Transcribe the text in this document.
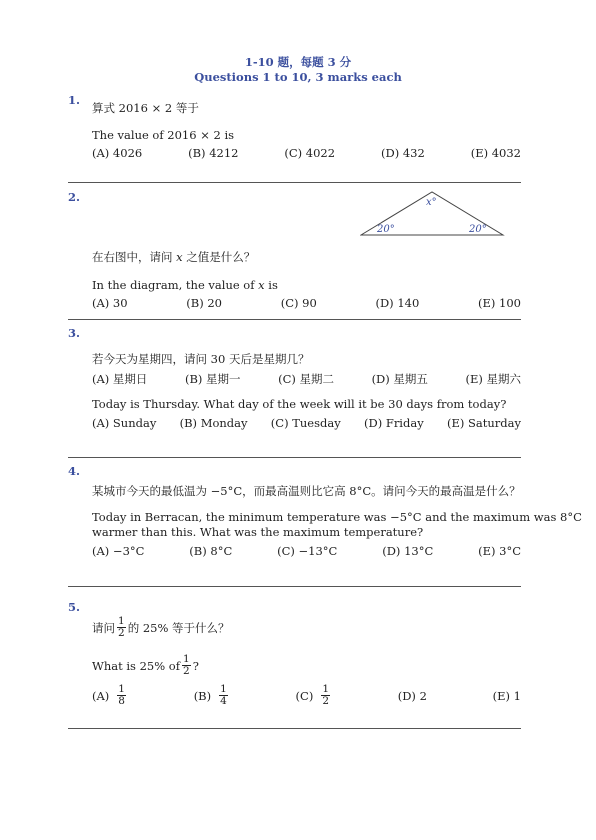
1-10 题，每题 3 分
Questions 1 to 10, 3 marks each
1.
算式 2016 × 2 等于
The value of 2016 × 2 is
(A) 4026	(B) 4212	(C) 4022	(D) 432	(E) 4032
2.	x°
20°	20°
在右图中，请问 x 之值是什么？
In the diagram, the value of x is
(A) 30	(B) 20	(C) 90	(D) 140	(E) 100
3.
若今天为星期四，请问 30 天后是星期几？
(A) 星期日	(B) 星期一	(C) 星期二	(D) 星期五	(E) 星期六
Today is Thursday. What day of the week will it be 30 days from today?
(A) Sunday (B) Monday (C) Tuesday (D) Friday (E) Saturday
4.
某城市今天的最低温为 −5°C，而最高温则比它高 8°C。请问今天的最高温是什么？
Today in Berracan, the minimum temperature was −5°C and the maximum was 8°C
warmer than this. What was the maximum temperature?
(A) −3°C	(B) 8°C	(C) −13°C	(D) 13°C	(E) 3°C
5.
请问 $\frac{1}{2}$ 的 25% 等于什么？
What is 25% of $\frac{1}{2}$ ?
$(A) \frac{1}{8}$	$(B) \frac{1}{4}$	$(C) \frac{1}{2}$	(D) 2	(E) 1
